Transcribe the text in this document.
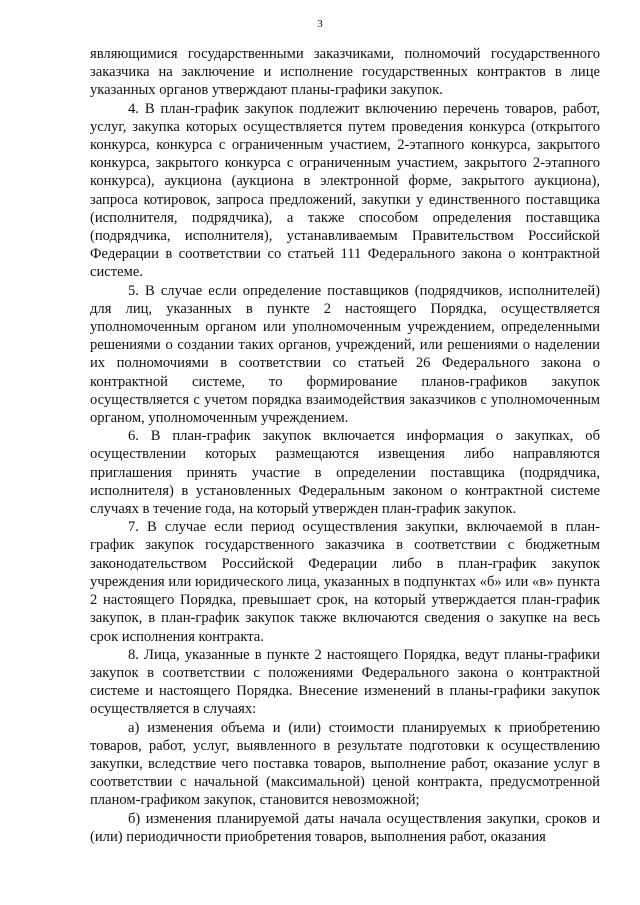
3

являющимися государственными заказчиками, полномочий государственного заказчика на заключение и исполнение государственных контрактов в лице указанных органов утверждают планы-графики закупок.

4. В план-график закупок подлежит включению перечень товаров, работ, услуг, закупка которых осуществляется путем проведения конкурса (открытого конкурса, конкурса с ограниченным участием, 2-этапного конкурса, закрытого конкурса, закрытого конкурса с ограниченным участием, закрытого 2-этапного конкурса), аукциона (аукциона в электронной форме, закрытого аукциона), запроса котировок, запроса предложений, закупки у единственного поставщика (исполнителя, подрядчика), а также способом определения поставщика (подрядчика, исполнителя), устанавливаемым Правительством Российской Федерации в соответствии со статьей 111 Федерального закона о контрактной системе.

5. В случае если определение поставщиков (подрядчиков, исполнителей) для лиц, указанных в пункте 2 настоящего Порядка, осуществляется уполномоченным органом или уполномоченным учреждением, определенными решениями о создании таких органов, учреждений, или решениями о наделении их полномочиями в соответствии со статьей 26 Федерального закона о контрактной системе, то формирование планов-графиков закупок осуществляется с учетом порядка взаимодействия заказчиков с уполномоченным органом, уполномоченным учреждением.

6. В план-график закупок включается информация о закупках, об осуществлении которых размещаются извещения либо направляются приглашения принять участие в определении поставщика (подрядчика, исполнителя) в установленных Федеральным законом о контрактной системе случаях в течение года, на который утвержден план-график закупок.

7. В случае если период осуществления закупки, включаемой в план-график закупок государственного заказчика в соответствии с бюджетным законодательством Российской Федерации либо в план-график закупок учреждения или юридического лица, указанных в подпунктах «б» или «в» пункта 2 настоящего Порядка, превышает срок, на который утверждается план-график закупок, в план-график закупок также включаются сведения о закупке на весь срок исполнения контракта.

8. Лица, указанные в пункте 2 настоящего Порядка, ведут планы-графики закупок в соответствии с положениями Федерального закона о контрактной системе и настоящего Порядка. Внесение изменений в планы-графики закупок осуществляется в случаях:

а) изменения объема и (или) стоимости планируемых к приобретению товаров, работ, услуг, выявленного в результате подготовки к осуществлению закупки, вследствие чего поставка товаров, выполнение работ, оказание услуг в соответствии с начальной (максимальной) ценой контракта, предусмотренной планом-графиком закупок, становится невозможной;

б) изменения планируемой даты начала осуществления закупки, сроков и (или) периодичности приобретения товаров, выполнения работ, оказания
